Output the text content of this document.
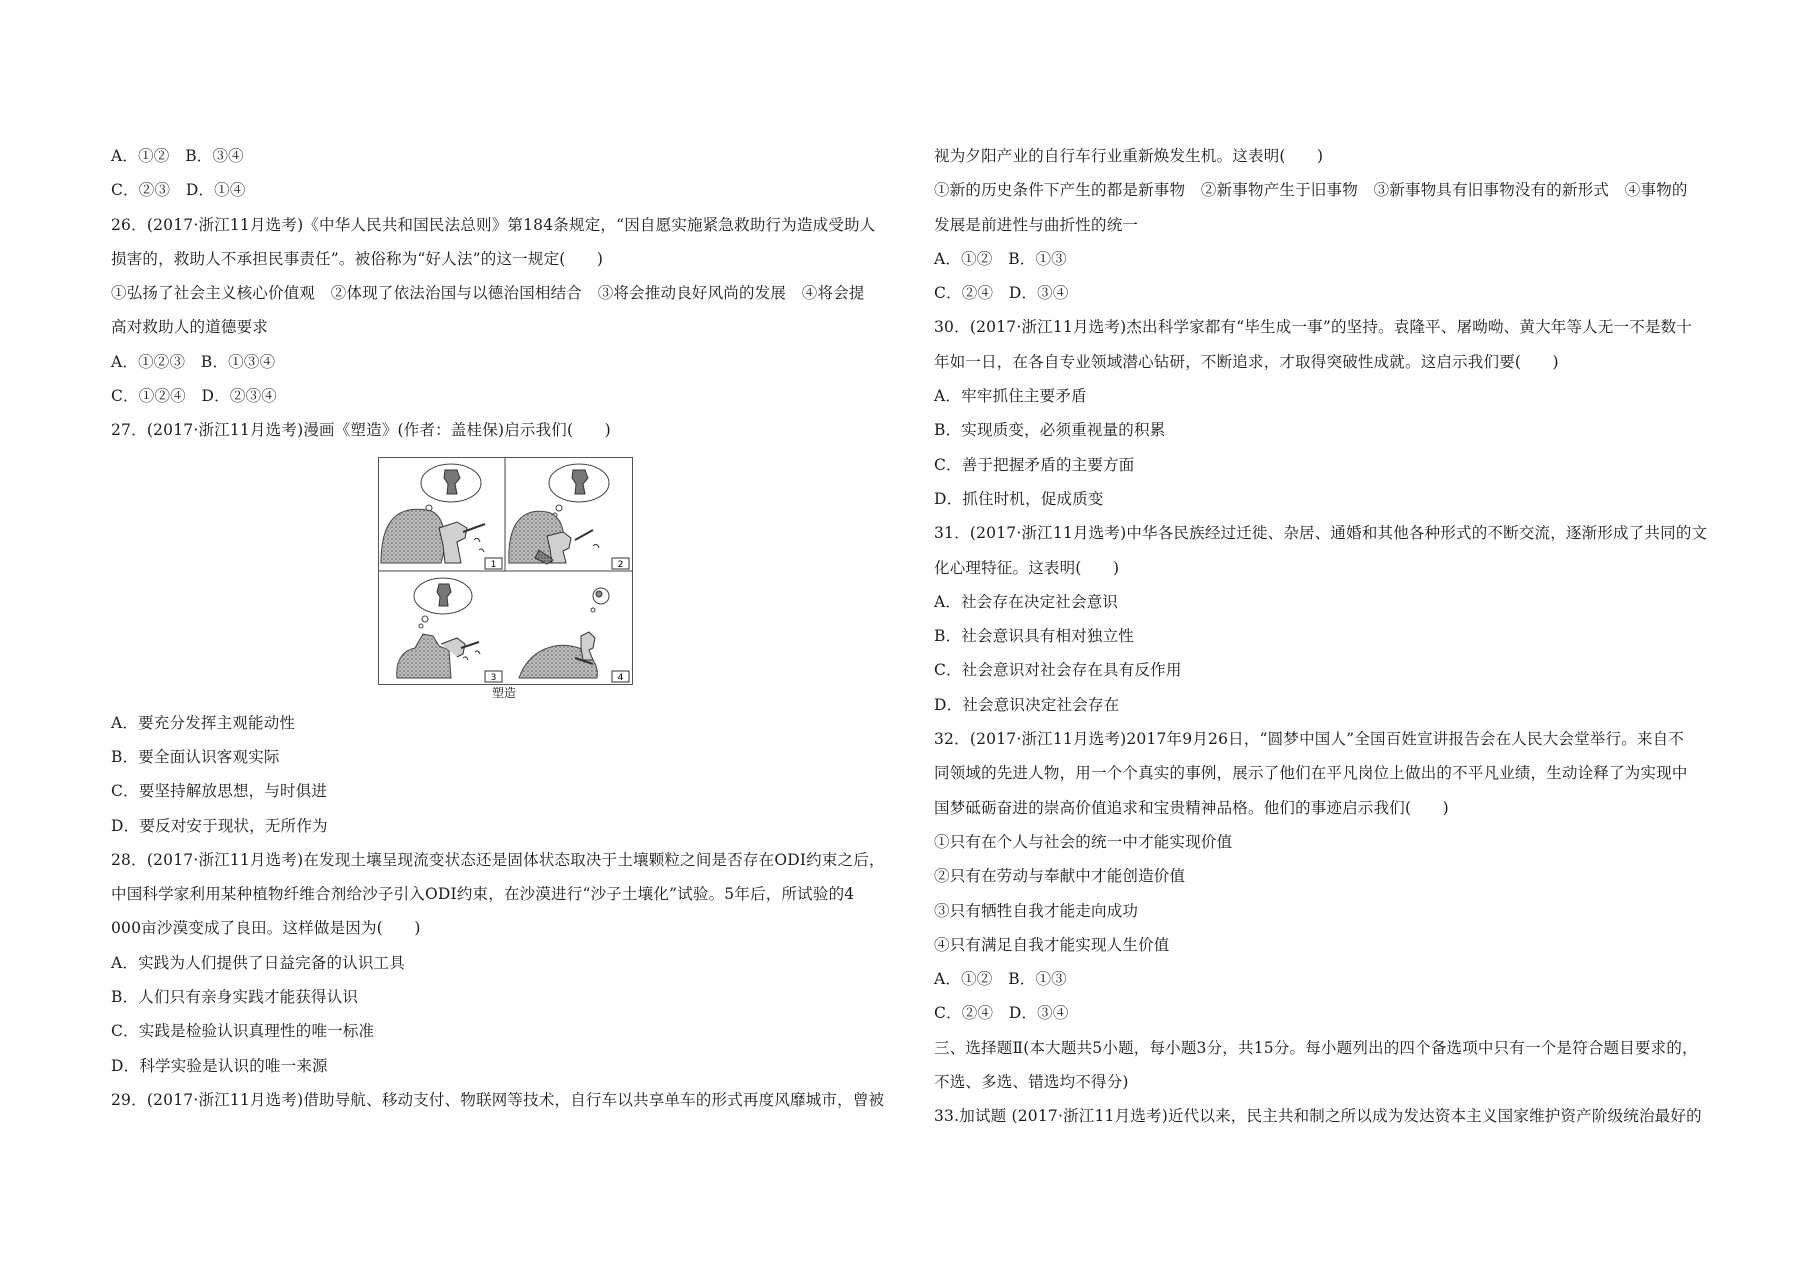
A．①②　B．③④
C．②③　D．①④
26．(2017·浙江11月选考)《中华人民共和国民法总则》第184条规定，“因自愿实施紧急救助行为造成受助人
损害的，救助人不承担民事责任”。被俗称为“好人法”的这一规定(　　)
①弘扬了社会主义核心价值观　②体现了依法治国与以德治国相结合　③将会推动良好风尚的发展　④将会提
高对救助人的道德要求
A．①②③　B．①③④
C．①②④　D．②③④
27．(2017·浙江11月选考)漫画《塑造》(作者：盖桂保)启示我们(　　)
1	2
3	4
塑造
A．要充分发挥主观能动性
B．要全面认识客观实际
C．要坚持解放思想，与时俱进
D．要反对安于现状，无所作为
28．(2017·浙江11月选考)在发现土壤呈现流变状态还是固体状态取决于土壤颗粒之间是否存在ODI约束之后，
中国科学家利用某种植物纤维合剂给沙子引入ODI约束，在沙漠进行“沙子土壤化”试验。5年后，所试验的4
000亩沙漠变成了良田。这样做是因为(　　)
A．实践为人们提供了日益完备的认识工具
B．人们只有亲身实践才能获得认识
C．实践是检验认识真理性的唯一标准
D．科学实验是认识的唯一来源
29．(2017·浙江11月选考)借助导航、移动支付、物联网等技术，自行车以共享单车的形式再度风靡城市，曾被
视为夕阳产业的自行车行业重新焕发生机。这表明(　　)
①新的历史条件下产生的都是新事物　②新事物产生于旧事物　③新事物具有旧事物没有的新形式　④事物的
发展是前进性与曲折性的统一
A．①②　B．①③
C．②④　D．③④
30．(2017·浙江11月选考)杰出科学家都有“毕生成一事”的坚持。袁隆平、屠呦呦、黄大年等人无一不是数十
年如一日，在各自专业领域潜心钻研，不断追求，才取得突破性成就。这启示我们要(　　)
A．牢牢抓住主要矛盾
B．实现质变，必须重视量的积累
C．善于把握矛盾的主要方面
D．抓住时机，促成质变
31．(2017·浙江11月选考)中华各民族经过迁徙、杂居、通婚和其他各种形式的不断交流，逐渐形成了共同的文
化心理特征。这表明(　　)
A．社会存在决定社会意识
B．社会意识具有相对独立性
C．社会意识对社会存在具有反作用
D．社会意识决定社会存在
32．(2017·浙江11月选考)2017年9月26日，“圆梦中国人”全国百姓宣讲报告会在人民大会堂举行。来自不
同领域的先进人物，用一个个真实的事例，展示了他们在平凡岗位上做出的不平凡业绩，生动诠释了为实现中
国梦砥砺奋进的崇高价值追求和宝贵精神品格。他们的事迹启示我们(　　)
①只有在个人与社会的统一中才能实现价值
②只有在劳动与奉献中才能创造价值
③只有牺牲自我才能走向成功
④只有满足自我才能实现人生价值
A．①②　B．①③
C．②④　D．③④
三、选择题Ⅱ(本大题共5小题，每小题3分，共15分。每小题列出的四个备选项中只有一个是符合题目要求的，
不选、多选、错选均不得分)
33.加试题 (2017·浙江11月选考)近代以来，民主共和制之所以成为发达资本主义国家维护资产阶级统治最好的
